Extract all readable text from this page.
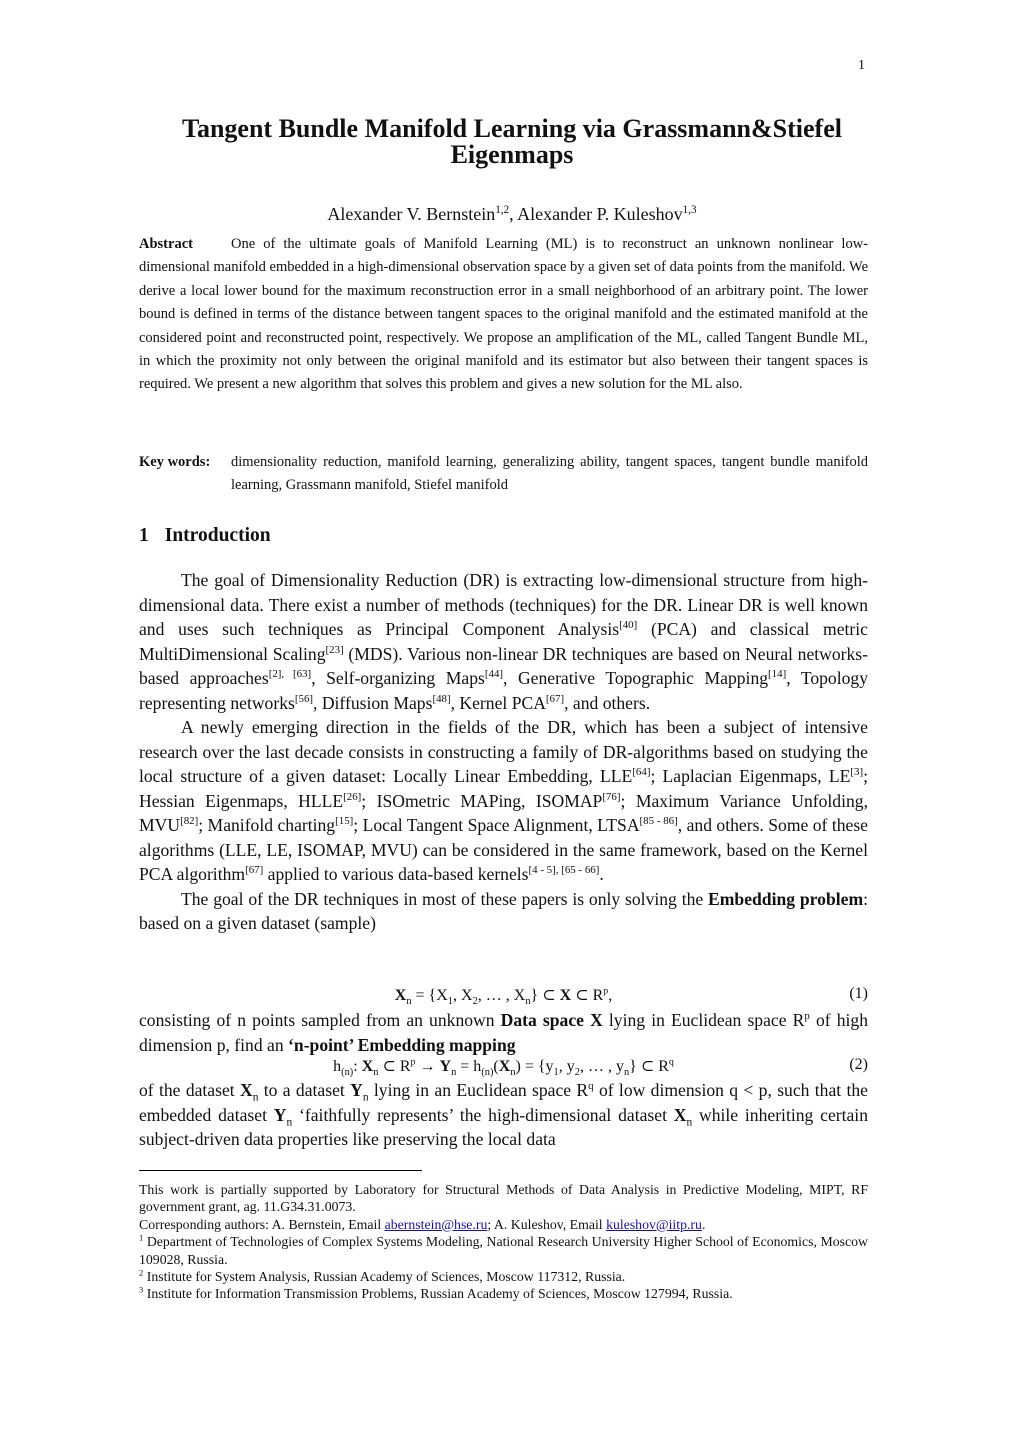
1
Tangent Bundle Manifold Learning via Grassmann&Stiefel
Eigenmaps
Alexander V. Bernstein$^{1,2}$, Alexander P. Kuleshov$^{1,3}$
Abstract	One of the ultimate goals of Manifold Learning (ML) is to reconstruct an unknown nonlinear low-dimensional manifold embedded in a high-dimensional observation space by a given set of data points from the manifold. We derive a local lower bound for the maximum reconstruction error in a small neighborhood of an arbitrary point. The lower bound is defined in terms of the distance between tangent spaces to the original manifold and the estimated manifold at the considered point and reconstructed point, respectively. We propose an amplification of the ML, called Tangent Bundle ML, in which the proximity not only between the original manifold and its estimator but also between their tangent spaces is required. We present a new algorithm that solves this problem and gives a new solution for the ML also.
Key words: dimensionality reduction, manifold learning, generalizing ability, tangent spaces, tangent bundle manifold learning, Grassmann manifold, Stiefel manifold
1 Introduction

The goal of Dimensionality Reduction (DR) is extracting low-dimensional structure from high-dimensional data. There exist a number of methods (techniques) for the DR. Linear DR is well known and uses such techniques as Principal Component Analysis[40] (PCA) and classical metric MultiDimensional Scaling[23] (MDS). Various non-linear DR techniques are based on Neural networks-based approaches[2], [63], Self-organizing Maps[44], Generative Topographic Mapping[14], Topology representing networks[56], Diffusion Maps[48], Kernel PCA[67], and others.

A newly emerging direction in the fields of the DR, which has been a subject of intensive research over the last decade consists in constructing a family of DR-algorithms based on studying the local structure of a given dataset: Locally Linear Embedding, LLE[64]; Laplacian Eigenmaps, LE[3]; Hessian Eigenmaps, HLLE[26]; ISOmetric MAPing, ISOMAP[76]; Maximum Variance Unfolding, MVU[82]; Manifold charting[15]; Local Tangent Space Alignment, LTSA[85 - 86], and others. Some of these algorithms (LLE, LE, ISOMAP, MVU) can be considered in the same framework, based on the Kernel PCA algorithm[67] applied to various data-based kernels[4 - 5], [65 - 66].

The goal of the DR techniques in most of these papers is only solving the Embedding problem: based on a given dataset (sample)

$X_n = \{X_1$, $X_2$, … , $X_n$} ⊂ X ⊂ $R^p$,	(1)
consisting of n points sampled from an unknown Data space X lying in Euclidean space $R^p$ of high dimension p, find an ‘n-point’ Embedding mapping
$h_{(n)}$: $X_n$ ⊂ $R^p \to Y_n = h_{(n)}(X_n) = \{y_1$, $y_2$, … , $y_n$} ⊂ $R^q$	(2)
of the dataset $X_n$ to a dataset $Y_n$ lying in an Euclidean space $R^q$ of low dimension q < p, such that the embedded dataset $Y_n$ ‘faithfully represents’ the high-dimensional dataset $X_n$ while inheriting certain subject-driven data properties like preserving the local data
This work is partially supported by Laboratory for Structural Methods of Data Analysis in Predictive Modeling, MIPT, RF government grant, ag. 11.G34.31.0073.
Corresponding authors: A. Bernstein, Email abernstein@hse.ru; A. Kuleshov, Email kuleshov@iitp.ru.
$^1$ Department of Technologies of Complex Systems Modeling, National Research University Higher School of Economics, Moscow 109028, Russia.
$^2$ Institute for System Analysis, Russian Academy of Sciences, Moscow 117312, Russia.
$^3$ Institute for Information Transmission Problems, Russian Academy of Sciences, Moscow 127994, Russia.
